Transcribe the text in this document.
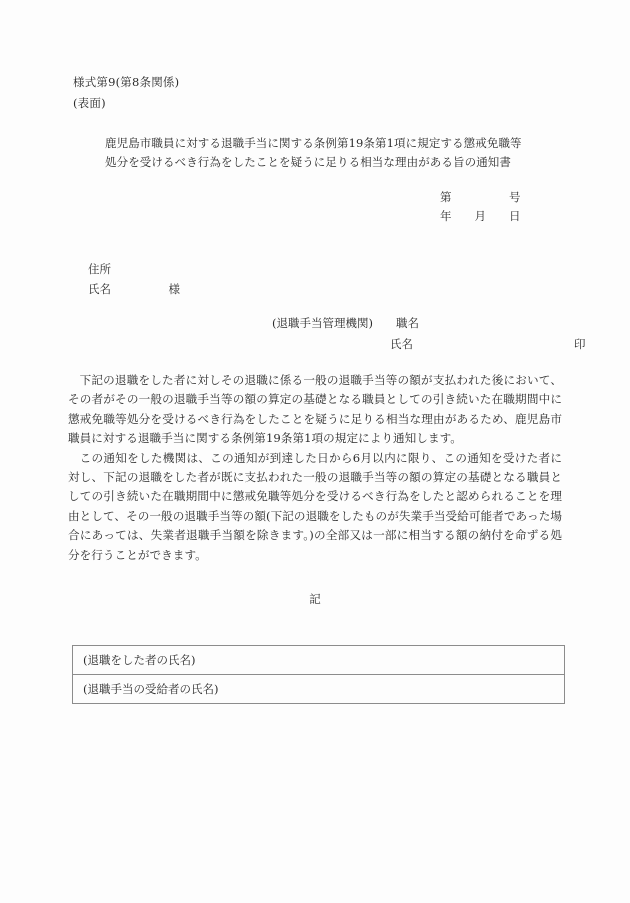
様式第9(第8条関係)
(表面)
鹿児島市職員に対する退職手当に関する条例第19条第1項に規定する懲戒免職等
処分を受けるべき行為をしたことを疑うに足りる相当な理由がある旨の通知書
第　　　　　号
年　　月　　日
住所
氏名　　　　　様
(退職手当管理機関)　　職名
氏名　　　　　　　　　　　　　　印

下記の退職をした者に対しその退職に係る一般の退職手当等の額が支払われた後において、その者がその一般の退職手当等の額の算定の基礎となる職員としての引き続いた在職期間中に懲戒免職等処分を受けるべき行為をしたことを疑うに足りる相当な理由があるため、鹿児島市職員に対する退職手当に関する条例第19条第1項の規定により通知します。

この通知をした機関は、この通知が到達した日から6月以内に限り、この通知を受けた者に対し、下記の退職をした者が既に支払われた一般の退職手当等の額の算定の基礎となる職員としての引き続いた在職期間中に懲戒免職等処分を受けるべき行為をしたと認められることを理由として、その一般の退職手当等の額(下記の退職をしたものが失業手当受給可能者であった場合にあっては、失業者退職手当額を除きます。)の全部又は一部に相当する額の納付を命ずる処分を行うことができます。

記
(退職をした者の氏名)
(退職手当の受給者の氏名)
